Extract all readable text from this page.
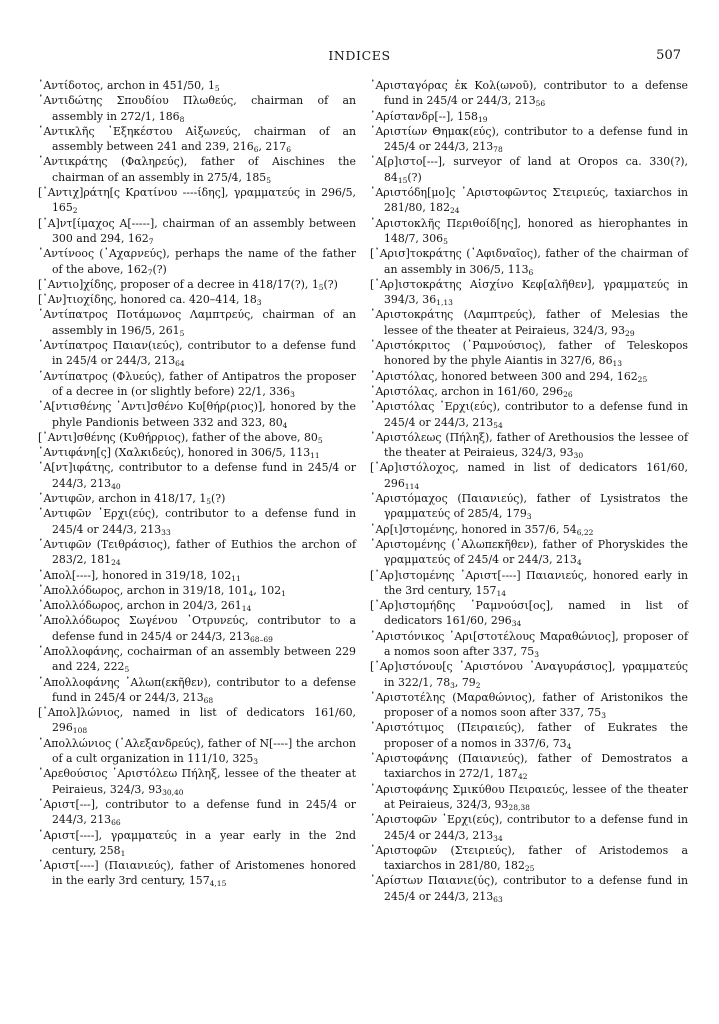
INDICES	507

᾿Αντίδοτος, archon in 451/50, $1_5$

᾿Αντιδώτης Σπουδίου Πλωθεύς, chairman of an assembly in 272/1, $186_8$

᾿Αντικλῆς ᾿Εξηκέστου Αἰξωνεύς, chairman of an assembly between 241 and 239, $216_6$, $217_6$

᾿Αντικράτης (Φαληρεύς), father of Aischines the chairman of an assembly in 275/4, $185_5$

[᾿Αντιχ]ράτη[ς Κρατίνου ----ίδης], γραμματεύς in 296/5, $165_2$

[᾿Α]ντ[ίμαχος Α[-----], chairman of an assembly between 300 and 294, $162_7$

᾿Αντίνοος (᾿Αχαρνεύς), perhaps the name of the father of the above, $162_7(?)$

[᾿Αντιο]χίδης, proposer of a decree in 418/17(?), $1_5(?)$

[᾿Αν]τιοχίδης, honored ca. 420–414, $18_3$

᾿Αντίπατρος Ποτάμωνος Λαμπτρεύς, chairman of an assembly in 196/5, $261_5$

᾿Αντίπατρος Παιαν(ιεύς), contributor to a defense fund in 245/4 or 244/3, $213_{64}$

᾿Αντίπατρος (Φλυεύς), father of Antipatros the proposer of a decree in (or slightly before) 22/1, $336_3$

᾿Α[ντισθένης ᾿Αντι]σθένο Κυ[θήρ(ριος)], honored by the phyle Pandionis between 332 and 323, $80_4$

[᾿Αντι]σθένης (Κυθήρριος), father of the above, $80_5$

᾿Αντιφάνη[ς] (Χαλκιδεύς), honored in 306/5, $113_{11}$

᾿Α[ντ]ιφάτης, contributor to a defense fund in 245/4 or 244/3, $213_{40}$

᾿Αντιφῶν, archon in 418/17, $1_5(?)$

᾿Αντιφῶν ᾿Ερχι(εύς), contributor to a defense fund in 245/4 or 244/3, $213_{33}$

᾿Αντιφῶν (Τειθράσιος), father of Euthios the archon of 283/2, $181_{24}$

᾿Απολ[----], honored in 319/18, $102_{11}$

᾿Απολλόδωρος, archon in 319/18, $101_4$, $102_1$

᾿Απολλόδωρος, archon in 204/3, $261_{14}$

᾿Απολλόδωρος Σωγένου ᾿Οτρυνεύς, contributor to a defense fund in 245/4 or 244/3, $213_{68-69}$

᾿Απολλοφάνης, cochairman of an assembly between 229 and 224, $222_5$

᾿Απολλοφάνης ᾿Αλωπ(εκῆθεν), contributor to a defense fund in 245/4 or 244/3, $213_{68}$

[᾿Απολ]λώνιος, named in list of dedicators 161/60, $296_{108}$

᾿Απολλώνιος (᾿Αλεξανδρεύς), father of N[----] the archon of a cult organization in 111/10, $325_3$

᾿Αρεθούσιος ᾿Αριστόλεω Πήληξ, lessee of the theater at Peiraieus, 324/3, $93_{30,40}$

᾿Αριστ[---], contributor to a defense fund in 245/4 or 244/3, $213_{66}$

᾿Αριστ[----], γραμματεύς in a year early in the 2nd century, $258_1$

᾿Αριστ[----] (Παιανιεύς), father of Aristomenes honored in the early 3rd century, $157_{4,15}$

᾿Αρισταγόρας ἐκ Κολ(ωνοῦ), contributor to a defense fund in 245/4 or 244/3, $213_{56}$

᾿Αρίστανδρ[--], $158_{19}$

᾿Αριστίων Θημακ(εύς), contributor to a defense fund in 245/4 or 244/3, $213_{78}$

᾿Α[ρ]ιστο[---], surveyor of land at Oropos ca. 330(?), $84_{15}(?)$

᾿Αριστόδη[μο]ς ᾿Αριστοφῶντος Στειριεύς, taxiarchos in 281/80, $182_{24}$

᾿Αριστοκλῆς Περιθοίδ[ης], honored as hierophantes in 148/7, $306_5$

[᾿Αρισ]τοκράτης (᾿Αφιδναῖος), father of the chairman of an assembly in 306/5, $113_6$

[᾿Αρ]ιστοκράτης Αἰσχίνο Κεφ[αλῆθεν], γραμματεύς in 394/3, $36_{1,13}$

᾿Αριστοκράτης (Λαμπτρεύς), father of Melesias the lessee of the theater at Peiraieus, 324/3, $93_{29}$

᾿Αριστόκριτος (῾Ραμνούσιος), father of Teleskopos honored by the phyle Aiantis in 327/6, $86_{13}$

᾿Αριστόλας, honored between 300 and 294, $162_{25}$

᾿Αριστόλας, archon in 161/60, $296_{26}$

᾿Αριστόλας ᾿Ερχι(εύς), contributor to a defense fund in 245/4 or 244/3, $213_{54}$

᾿Αριστόλεως (Πήληξ), father of Arethousios the lessee of the theater at Peiraieus, 324/3, $93_{30}$

[᾿Αρ]ιστόλοχος, named in list of dedicators 161/60, $296_{114}$

᾿Αριστόμαχος (Παιανιεύς), father of Lysistratos the γραμματεύς of 285/4, $179_3$

᾿Αρ[ι]στομένης, honored in 357/6, $54_{6,22}$

᾿Αριστομένης (᾿Αλωπεκῆθεν), father of Phoryskides the γραμματεύς of 245/4 or 244/3, $213_4$

[᾿Αρ]ιστομένης ᾿Αριστ[----] Παιανιεύς, honored early in the 3rd century, $157_{14}$

[᾿Αρ]ιστομήδης ῾Ραμνούσι[ος], named in list of dedicators 161/60, $296_{34}$

᾿Αριστόνικος ᾿Αρι[στοτέλους Μαραθώνιος], proposer of a nomos soon after 337, $75_3$

[᾿Αρ]ιστόνου[ς ᾿Αριστόνου ᾿Αναγυράσιος], γραμματεύς in 322/1, $78_3$, $79_2$

᾿Αριστοτέλης (Μαραθώνιος), father of Aristonikos the proposer of a nomos soon after 337, $75_3$

᾿Αριστότιμος (Πειραιεύς), father of Eukrates the proposer of a nomos in 337/6, $73_4$

᾿Αριστοφάνης (Παιανιεύς), father of Demostratos a taxiarchos in 272/1, $187_{42}$

᾿Αριστοφάνης Σμικύθου Πειραιεύς, lessee of the theater at Peiraieus, 324/3, $93_{28,38}$

᾿Αριστοφῶν ᾿Ερχι(εύς), contributor to a defense fund in 245/4 or 244/3, $213_{34}$

᾿Αριστοφῶν (Στειριεύς), father of Aristodemos a taxiarchos in 281/80, $182_{25}$

᾿Αρίστων Παιανιε(ύς), contributor to a defense fund in 245/4 or 244/3, $213_{63}$
